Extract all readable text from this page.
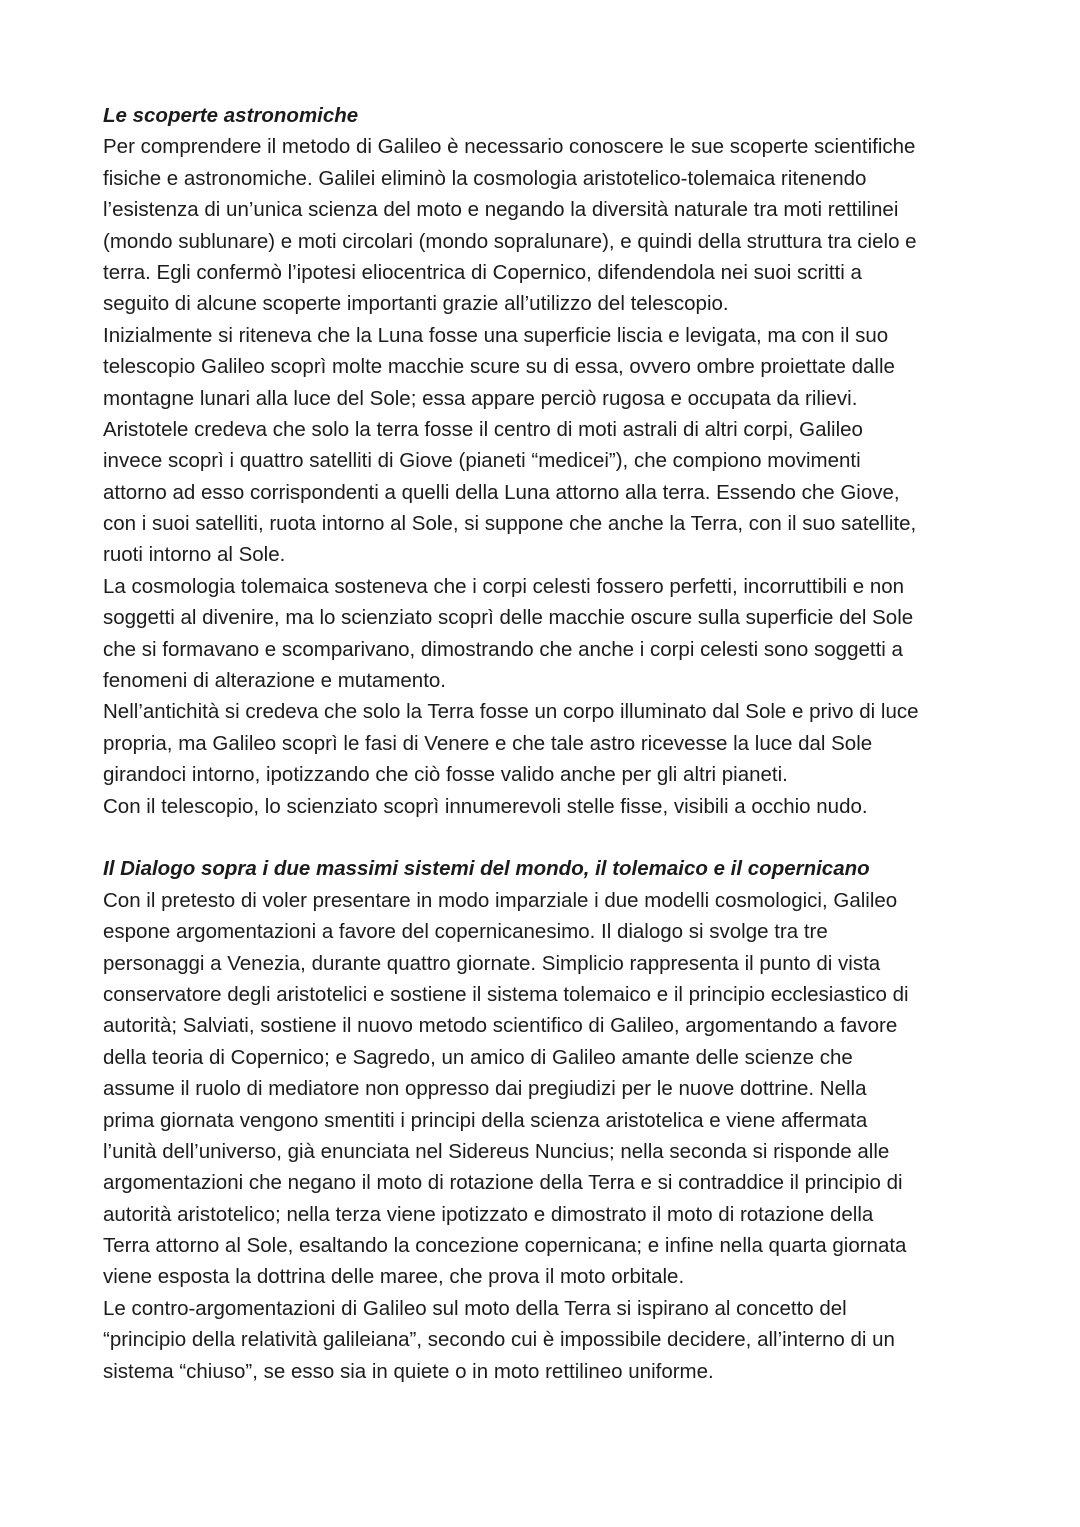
Le scoperte astronomiche
Per comprendere il metodo di Galileo è necessario conoscere le sue scoperte scientifiche
fisiche e astronomiche. Galilei eliminò la cosmologia aristotelico-tolemaica ritenendo
l’esistenza di un’unica scienza del moto e negando la diversità naturale tra moti rettilinei
(mondo sublunare) e moti circolari (mondo sopralunare), e quindi della struttura tra cielo e
terra. Egli confermò l’ipotesi eliocentrica di Copernico, difendendola nei suoi scritti a
seguito di alcune scoperte importanti grazie all’utilizzo del telescopio.
Inizialmente si riteneva che la Luna fosse una superficie liscia e levigata, ma con il suo
telescopio Galileo scoprì molte macchie scure su di essa, ovvero ombre proiettate dalle
montagne lunari alla luce del Sole; essa appare perciò rugosa e occupata da rilievi.
Aristotele credeva che solo la terra fosse il centro di moti astrali di altri corpi, Galileo
invece scoprì i quattro satelliti di Giove (pianeti “medicei”), che compiono movimenti
attorno ad esso corrispondenti a quelli della Luna attorno alla terra. Essendo che Giove,
con i suoi satelliti, ruota intorno al Sole, si suppone che anche la Terra, con il suo satellite,
ruoti intorno al Sole.
La cosmologia tolemaica sosteneva che i corpi celesti fossero perfetti, incorruttibili e non
soggetti al divenire, ma lo scienziato scoprì delle macchie oscure sulla superficie del Sole
che si formavano e scomparivano, dimostrando che anche i corpi celesti sono soggetti a
fenomeni di alterazione e mutamento.
Nell’antichità si credeva che solo la Terra fosse un corpo illuminato dal Sole e privo di luce
propria, ma Galileo scoprì le fasi di Venere e che tale astro ricevesse la luce dal Sole
girandoci intorno, ipotizzando che ciò fosse valido anche per gli altri pianeti.
Con il telescopio, lo scienziato scoprì innumerevoli stelle fisse, visibili a occhio nudo.
Il Dialogo sopra i due massimi sistemi del mondo, il tolemaico e il copernicano
Con il pretesto di voler presentare in modo imparziale i due modelli cosmologici, Galileo
espone argomentazioni a favore del copernicanesimo. Il dialogo si svolge tra tre
personaggi a Venezia, durante quattro giornate. Simplicio rappresenta il punto di vista
conservatore degli aristotelici e sostiene il sistema tolemaico e il principio ecclesiastico di
autorità; Salviati, sostiene il nuovo metodo scientifico di Galileo, argomentando a favore
della teoria di Copernico; e Sagredo, un amico di Galileo amante delle scienze che
assume il ruolo di mediatore non oppresso dai pregiudizi per le nuove dottrine. Nella
prima giornata vengono smentiti i principi della scienza aristotelica e viene affermata
l’unità dell’universo, già enunciata nel Sidereus Nuncius; nella seconda si risponde alle
argomentazioni che negano il moto di rotazione della Terra e si contraddice il principio di
autorità aristotelico; nella terza viene ipotizzato e dimostrato il moto di rotazione della
Terra attorno al Sole, esaltando la concezione copernicana; e infine nella quarta giornata
viene esposta la dottrina delle maree, che prova il moto orbitale.
Le contro-argomentazioni di Galileo sul moto della Terra si ispirano al concetto del
“principio della relatività galileiana”, secondo cui è impossibile decidere, all’interno di un
sistema “chiuso”, se esso sia in quiete o in moto rettilineo uniforme.
